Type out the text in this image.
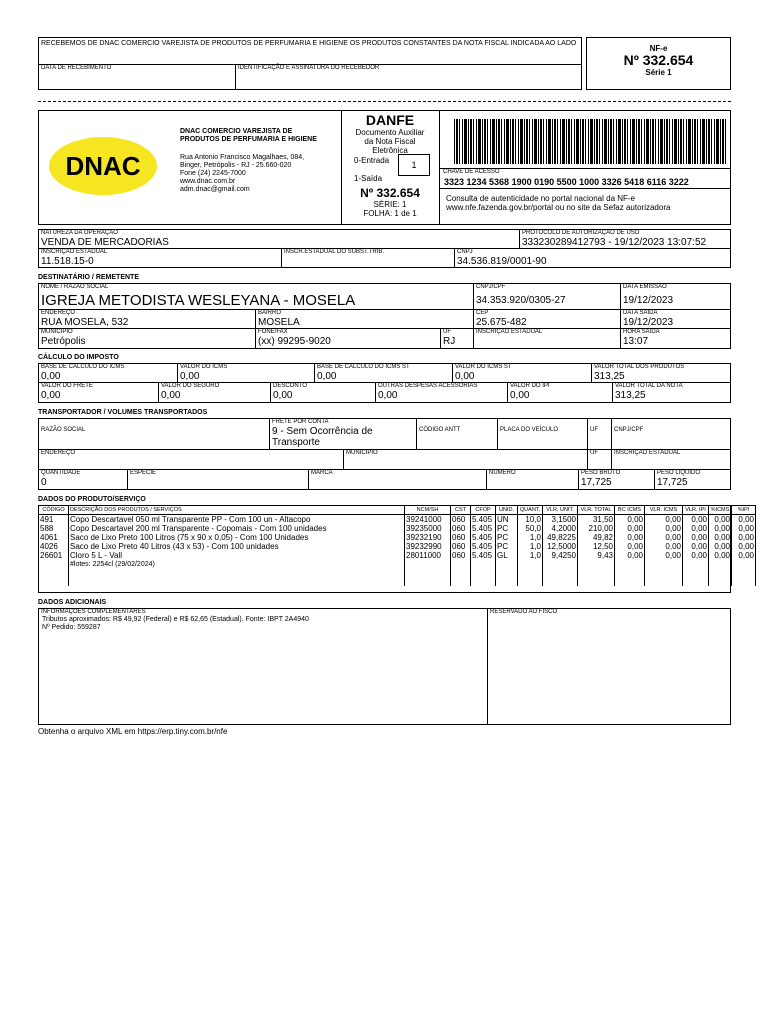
RECEBEMOS DE DNAC COMERCIO VAREJISTA DE PRODUTOS DE PERFUMARIA E HIGIENE OS PRODUTOS CONSTANTES DA NOTA FISCAL INDICADA AO LADO
DATA DE RECEBIMENTO	IDENTIFICAÇÃO E ASSINATURA DO RECEBEDOR
NF-e
Nº 332.654
Série 1
DNAC
DNAC COMERCIO VAREJISTA DE PRODUTOS DE PERFUMARIA E HIGIENE
Rua Antonio Francisco Magalhaes, 084,
Binger, Petrópolis - RJ - 25.660-020
Fone (24) 2245-7000
www.dnac.com.br
adm.dnac@gmail.com
DANFE
Documento Auxiliar
da Nota Fiscal
Eletrônica
0-Entrada
1-Saída
1
Nº 332.654
SÉRIE: 1
FOLHA: 1 de 1
CHAVE DE ACESSO
3323 1234 5368 1900 0190 5500 1000 3326 5418 6116 3222
Consulta de autenticidade no portal nacional da NF-e
www.nfe.fazenda.gov.br/portal ou no site da Sefaz autorizadora
NATUREZA DA OPERAÇÃO
VENDA DE MERCADORIAS
PROTOCOLO DE AUTORIZAÇÃO DE USO
333230289412793 - 19/12/2023 13:07:52
INSCRIÇÃO ESTADUAL
11.518.15-0
INSCR.ESTADUAL DO SUBST.TRIB.	CNPJ
34.536.819/0001-90
DESTINATÁRIO / REMETENTE
NOME / RAZÃO SOCIAL
IGREJA METODISTA WESLEYANA - MOSELA
CNPJ/CPF
34.353.920/0305-27
DATA EMISSÃO
19/12/2023
ENDEREÇO
RUA MOSELA, 532
BAIRRO
MOSELA
CEP
25.675-482
DATA SAÍDA
19/12/2023
MUNICÍPIO
Petrópolis
FONE/FAX
(xx) 99295-9020
UF
RJ
INSCRIÇÃO ESTADUAL	HORA SAÍDA
13:07
CÁLCULO DO IMPOSTO
BASE DE CÁLCULO DO ICMS
0,00
VALOR DO ICMS
0,00
BASE DE CÁLCULO DO ICMS ST
0,00
VALOR DO ICMS ST
0,00
VALOR TOTAL DOS PRODUTOS
313,25
VALOR DO FRETE
0,00
VALOR DO SEGURO
0,00
DESCONTO
0,00
OUTRAS DESPESAS ACESSÓRIAS
0,00
VALOR DO IPI
0,00
VALOR TOTAL DA NOTA
313,25
TRANSPORTADOR / VOLUMES TRANSPORTADOS
RAZÃO SOCIAL
FRETE POR CONTA
9 - Sem Ocorrência de
Transporte
CÓDIGO ANTT	PLACA DO VEÍCULO	UF	CNPJ/CPF
ENDEREÇO	MUNICÍPIO	UF	INSCRIÇÃO ESTADUAL
QUANTIDADE
0
ESPÉCIE	MARCA	NÚMERO	PESO BRUTO
17,725
PESO LÍQUIDO
17,725
DADOS DO PRODUTO/SERVIÇO
CÓDIGO	DESCRIÇÃO DOS PRODUTOS / SERVIÇOS	NCM/SH	CST	CFOP	UNID.	QUANT.	VLR. UNIT.	VLR. TOTAL	BC ICMS	VLR. ICMS	VLR. IPI	%ICMS	%IPI
491	Copo Descartavel 050 ml Transparente PP - Com 100 un - Altacopo	39241000	060	5.405	UN	10,0	3,1500	31,50	0,00	0,00	0,00	0,00	0,00
588	Copo Descartavel 200 ml Transparente - Copomais - Com 100 unidades	39235000	060	5.405	PC	50,0	4,2000	210,00	0,00	0,00	0,00	0,00	0,00
4061	Saco de Lixo Preto 100 Litros (75 x 90 x 0,05) - Com 100 Unidades	39232190	060	5.405	PC	1,0	49,8225	49,82	0,00	0,00	0,00	0,00	0,00
4026	Saco de Lixo Preto 40 Litros (43 x 53) - Com 100 unidades	39232990	060	5.405	PC	1,0	12,5000	12,50	0,00	0,00	0,00	0,00	0,00
26601	Cloro 5 L - Vall	28011000	060	5.405	GL	1,0	9,4250	9,43	0,00	0,00	0,00	0,00	0,00
	#lotes: 2254cl (29/02/2024)												

DADOS ADICIONAIS
INFORMAÇÕES COMPLEMENTARES
Tributos aproximados: R$ 49,92 (Federal) e R$ 62,65 (Estadual). Fonte: IBPT 2A4940
Nº Pedido: 559287
RESERVADO AO FISCO
Obtenha o arquivo XML em https://erp.tiny.com.br/nfe
